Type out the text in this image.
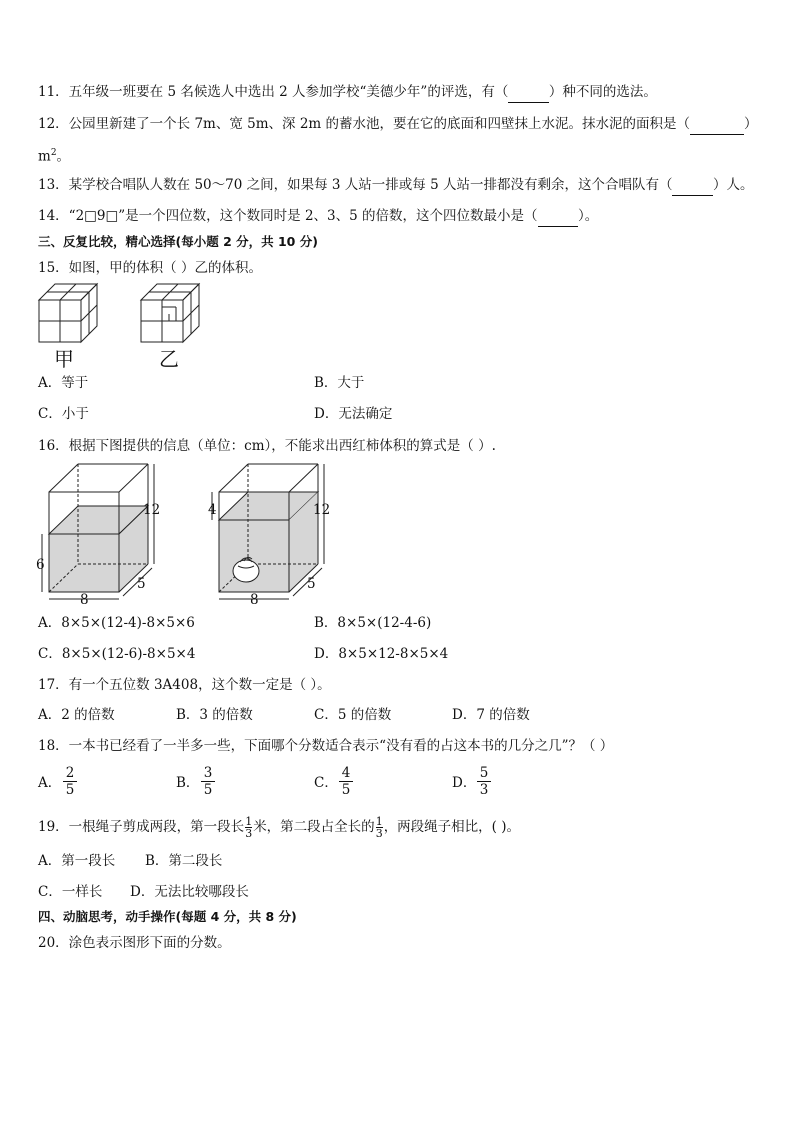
11．五年级一班要在 5 名候选人中选出 2 人参加学校“美德少年”的评选，有（	）种不同的选法。
12．公园里新建了一个长 7m、宽 5m、深 2m 的蓄水池，要在它的底面和四壁抹上水泥。抹水泥的面积是（	）
$m^2$。
13．某学校合唱队人数在 50～70 之间，如果每 3 人站一排或每 5 人站一排都没有剩余，这个合唱队有（	）人。
14．“2□9□”是一个四位数，这个数同时是 2、3、5 的倍数，这个四位数最小是（	）。
三、反复比较，精心选择(每小题 2 分，共 10 分)
15．如图，甲的体积（ ）乙的体积。
甲	乙
A．等于	B．大于
C．小于	D．无法确定
16．根据下图提供的信息（单位：cm），不能求出西红柿体积的算式是（ ）.
12
6
8
5
4	12
8
5
A．8×5×(12-4)-8×5×6	B．8×5×(12-4-6)
C．8×5×(12-6)-8×5×4	D．8×5×12-8×5×4
17．有一个五位数 3A408，这个数一定是（ ）。
A．2 的倍数	B．3 的倍数	C．5 的倍数	D．7 的倍数
18．一本书已经看了一半多一些，下面哪个分数适合表示“没有看的占这本书的几分之几”？（ ）
A． $\frac{2}{5}$	B． $\frac{3}{5}$	C． $\frac{4}{5}$	D． $\frac{5}{3}$
19．一根绳子剪成两段，第一段长 $\frac{1}{3}$ 米，第二段占全长的 $\frac{1}{3}$ ，两段绳子相比，( )。
A．第一段长 B．第二段长
C．一样长 D．无法比较哪段长
四、动脑思考，动手操作(每题 4 分，共 8 分)
20．涂色表示图形下面的分数。
